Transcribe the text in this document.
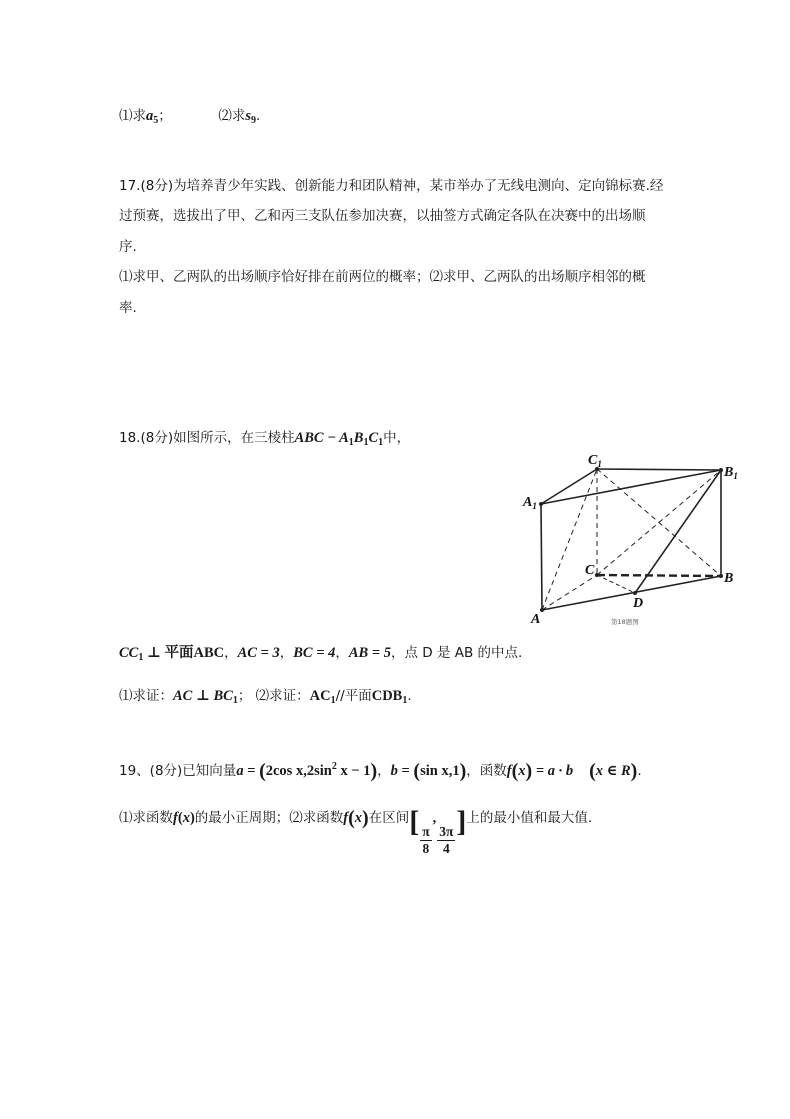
⑴求$a_5$；	⑵求$s_9$.
17.(8分)为培养青少年实践、创新能力和团队精神，某市举办了无线电测向、定向锦标赛.经
过预赛，选拔出了甲、乙和丙三支队伍参加决赛，以抽签方式确定各队在决赛中的出场顺
序.
⑴求甲、乙两队的出场顺序恰好排在前两位的概率；⑵求甲、乙两队的出场顺序相邻的概
率.
18.(8分)如图所示，在三棱柱ABC − $A_1B_1C_1$中，
$C_1$
$B_1$
$A_1$
C
B
A
D
第18题图
$CC_1$ ⊥ 平面ABC，AC = 3，BC = 4，AB = 5，点 D 是 AB 的中点.
⑴求证：AC ⊥ $BC_1$； ⑵求证：$AC_1//$平面$CDB_1$.
19、(8分)已知向量a = (2cos $x,2\sin^2$ x − 1)，b = (sin x,1)，函数f(x) = a · b (x ∈ R).
⑴求函数f(x)的最小正周期；⑵求函数f(x)在区间[
$\frac{\pi}{8}$
,
$\frac{3\pi}{4}$
]上的最小值和最大值.
